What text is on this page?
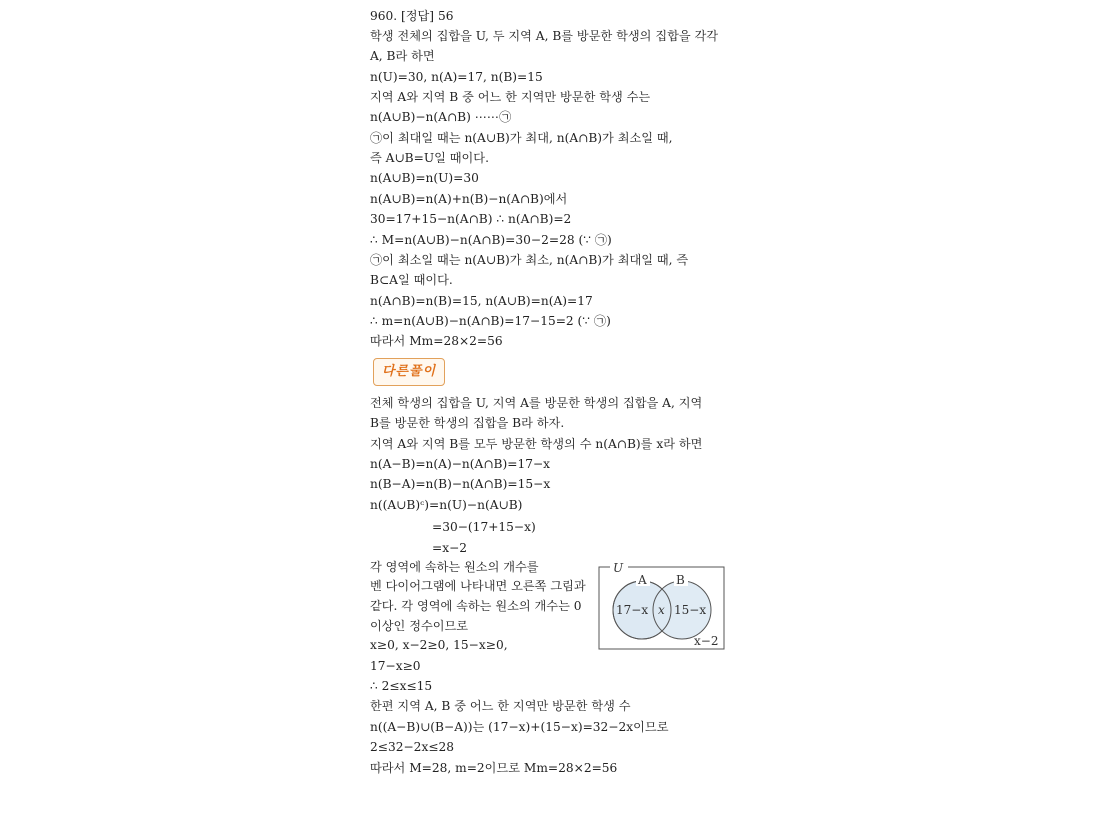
960. [정답] 56
학생 전체의 집합을 U, 두 지역 A, B를 방문한 학생의 집합을 각각
A, B라 하면
n(U)=30, n(A)=17, n(B)=15
지역 A와 지역 B 중 어느 한 지역만 방문한 학생 수는
n(A∪B)−n(A∩B) ⋯⋯㉠
㉠이 최대일 때는 n(A∪B)가 최대, n(A∩B)가 최소일 때,
즉 A∪B=U일 때이다.
n(A∪B)=n(U)=30
n(A∪B)=n(A)+n(B)−n(A∩B)에서
30=17+15−n(A∩B) ∴ n(A∩B)=2
∴ M=n(A∪B)−n(A∩B)=30−2=28 (∵ ㉠)
㉠이 최소일 때는 n(A∪B)가 최소, n(A∩B)가 최대일 때, 즉
B⊂A일 때이다.
n(A∩B)=n(B)=15, n(A∪B)=n(A)=17
∴ m=n(A∪B)−n(A∩B)=17−15=2 (∵ ㉠)
따라서 Mm=28×2=56
다른풀이
전체 학생의 집합을 U, 지역 A를 방문한 학생의 집합을 A, 지역
B를 방문한 학생의 집합을 B라 하자.
지역 A와 지역 B를 모두 방문한 학생의 수 n(A∩B)를 x라 하면
n(A−B)=n(A)−n(A∩B)=17−x
n(B−A)=n(B)−n(A∩B)=15−x
n((A∪B)ᶜ)=n(U)−n(A∪B)
=30−(17+15−x)
=x−2
각 영역에 속하는 원소의 개수를
벤 다이어그램에 나타내면 오른쪽 그림과
같다. 각 영역에 속하는 원소의 개수는 0
이상인 정수이므로
U
A B
17−x x 15−x
x−2
x≥0, x−2≥0, 15−x≥0,
17−x≥0
∴ 2≤x≤15
한편 지역 A, B 중 어느 한 지역만 방문한 학생 수
n((A−B)∪(B−A))는 (17−x)+(15−x)=32−2x이므로
2≤32−2x≤28
따라서 M=28, m=2이므로 Mm=28×2=56
